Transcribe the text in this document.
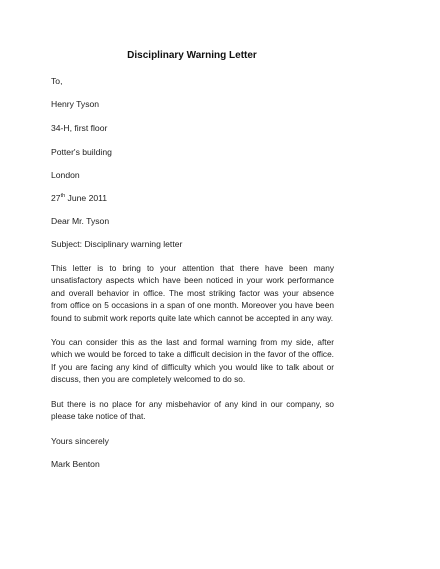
Disciplinary Warning Letter
To,
Henry Tyson
34-H, first floor
Potter's building
London
27th June 2011
Dear Mr. Tyson
Subject: Disciplinary warning letter
This letter is to bring to your attention that there have been many unsatisfactory aspects which have been noticed in your work performance and overall behavior in office. The most striking factor was your absence from office on 5 occasions in a span of one month. Moreover you have been found to submit work reports quite late which cannot be accepted in any way.
You can consider this as the last and formal warning from my side, after which we would be forced to take a difficult decision in the favor of the office. If you are facing any kind of difficulty which you would like to talk about or discuss, then you are completely welcomed to do so.
But there is no place for any misbehavior of any kind in our company, so please take notice of that.
Yours sincerely
Mark Benton
